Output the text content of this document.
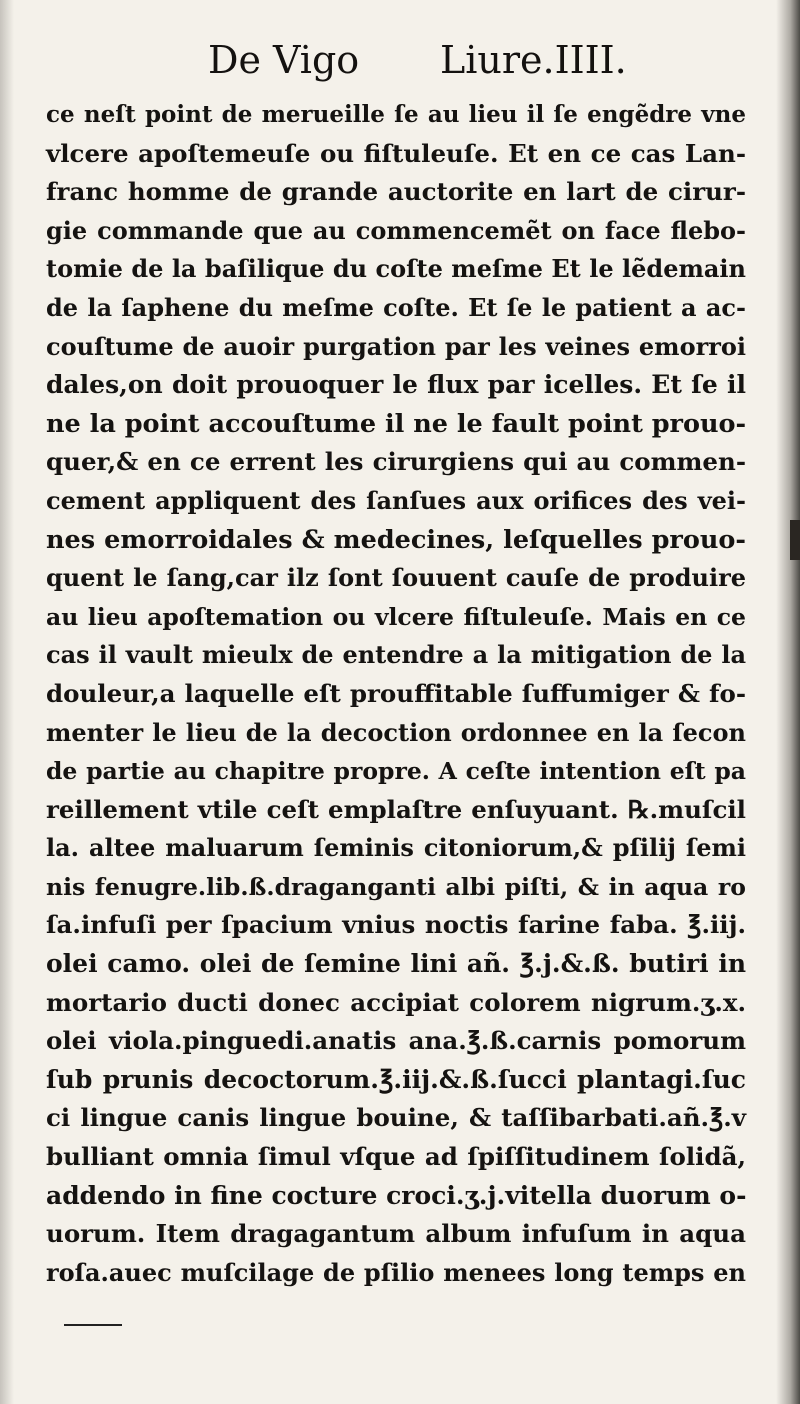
De Vigo Liure.IIII.
ce neſt point de merueille ſe au lieu il ſe engẽdre vne
vlcere apoſtemeuſe ou fiſtuleuſe. Et en ce cas Lan-
franc homme de grande auctorite en lart de cirur-
gie commande que au commencemẽt on face flebo-
tomie de la baſilique du coſte meſme Et le lẽdemain
de la ſaphene du meſme coſte. Et ſe le patient a ac-
couſtume de auoir purgation par les veines emorroi
dales,on doit prouoquer le flux par icelles. Et ſe il
ne la point accouſtume il ne le fault point prouo-
quer,& en ce errent les cirurgiens qui au commen-
cement appliquent des ſanſues aux orifices des vei-
nes emorroidales & medecines, leſquelles prouo-
quent le ſang,car ilz ſont ſouuent cauſe de produire
au lieu apoſtemation ou vlcere fiſtuleuſe. Mais en ce
cas il vault mieulx de entendre a la mitigation de la
douleur,a laquelle eſt prouffitable ſuffumiger & fo-
menter le lieu de la decoction ordonnee en la ſecon
de partie au chapitre propre. A ceſte intention eſt pa
reillement vtile ceſt emplaſtre enſuyuant. ℞.muſcil
la. altee maluarum ſeminis citoniorum,& pſilij ſemi
nis fenugre.lib.ß.draganganti albi piſti, & in aqua ro
ſa.infuſi per ſpacium vnius noctis farine faba. ℥.iij.
olei camo. olei de ſemine lini añ. ℥.j.&.ß. butiri in
mortario ducti donec accipiat colorem nigrum.ʒ.x.
olei viola.pinguedi.anatis ana.℥.ß.carnis pomorum
ſub prunis decoctorum.℥.iij.&.ß.ſucci plantagi.ſuc
ci lingue canis lingue bouine, & taſſibarbati.añ.℥.v
bulliant omnia ſimul vſque ad ſpiſſitudinem ſolidã,
addendo in fine cocture croci.ʒ.j.vitella duorum o-
uorum. Item dragagantum album infuſum in aqua
roſa.auec muſcilage de pſilio menees long temps en
